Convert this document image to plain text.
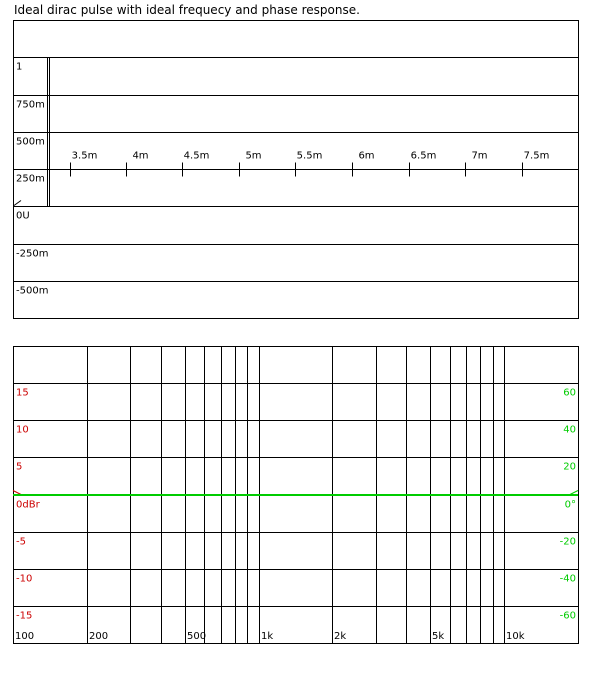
Ideal dirac pulse with ideal frequecy and phase response.
1
750m
500m
250m
0U
-250m
-500m
3.5m	4m	4.5m	5m	5.5m	6m	6.5m	7m	7.5m
15
10
5
0dBr
-5
-10
-15
60
40
20
0°
-20
-40
-60
100	200	500	1k	2k	5k	10k
